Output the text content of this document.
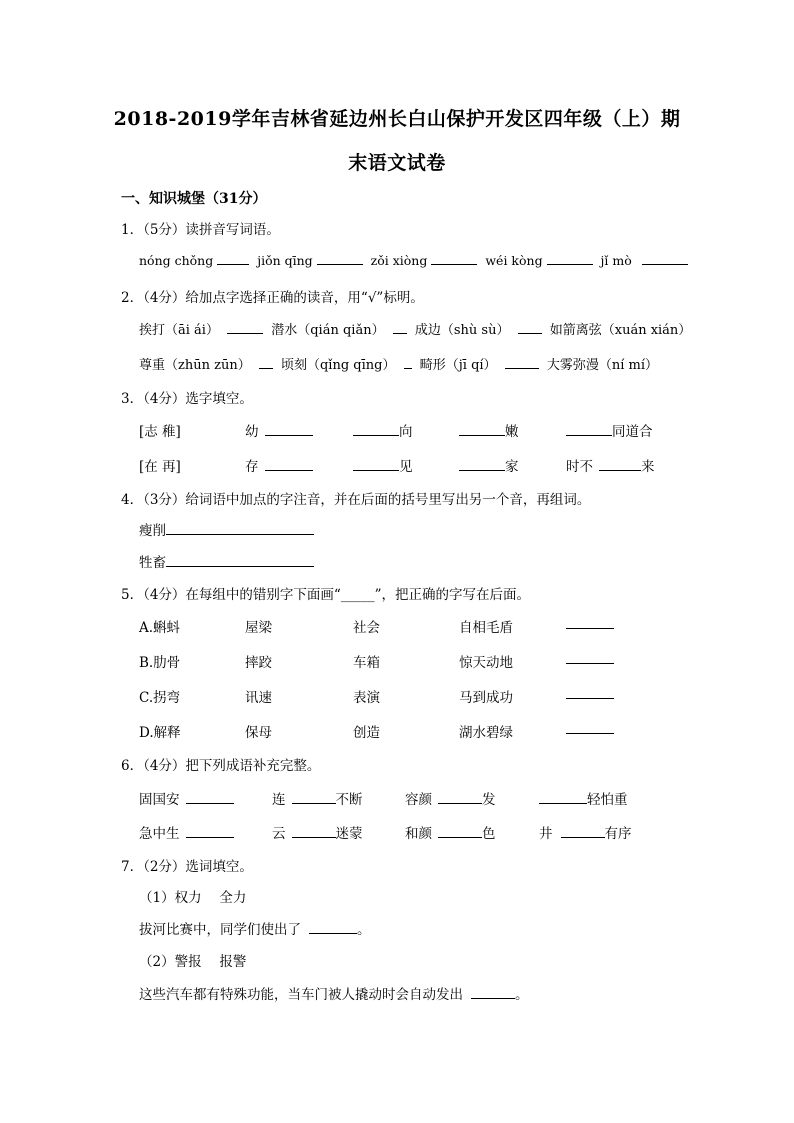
2018-2019学年吉林省延边州长白山保护开发区四年级（上）期
末语文试卷
一、知识城堡（31分）
1．（5分）读拼音写词语。
nóng chǒng	jiǒn qīng	zǒi xiòng	wéi kòng	jǐ mò
2．（4分）给加点字选择正确的读音，用“√”标明。
挨打（āi ái）	潜水（qián qiǎn） 成边（shù sù）	如箭离弦（xuán xián）
尊重（zhūn zūn） 顷刻（qǐng qīng） 畸形（jī qí）	大雾弥漫（ní mí）
3．（4分）选字填空。
[志 稚]	幼	向	嫩	同道合
[在 再]	存	见	家	时不	来
4．（3分）给词语中加点的字注音，并在后面的括号里写出另一个音，再组词。
瘦削
牲畜
5．（4分）在每组中的错别字下面画“_____”，把正确的字写在后面。
A.蝌蚪	屋梁	社会	自相毛盾
B.肋骨	摔跤	车箱	惊天动地
C.拐弯	讯速	表演	马到成功
D.解释	保母	创造	湖水碧绿
6．（4分）把下列成语补充完整。
固国安	连	不断	容颜	发	轻怕重
急中生	云	迷蒙	和颜	色	井	有序
7．（2分）选词填空。
（1）权力　 全力
拔河比赛中，同学们使出了	。
（2）警报　 报警
这些汽车都有特殊功能，当车门被人撬动时会自动发出	。
